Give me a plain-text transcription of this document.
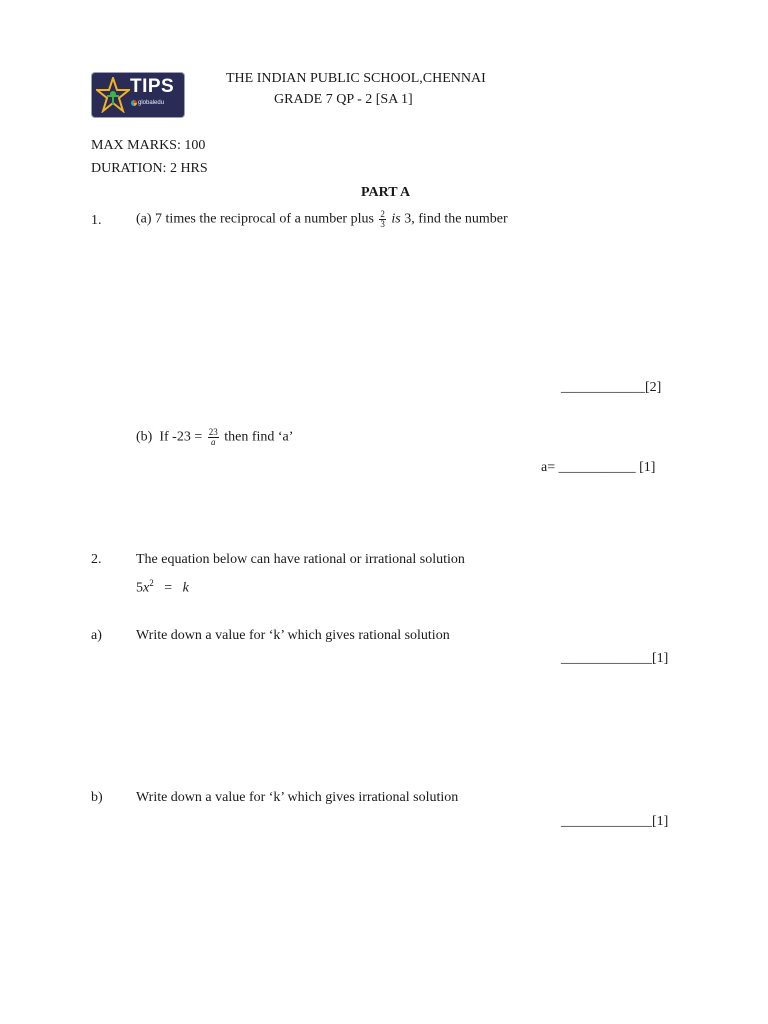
TIPS
globaledu
THE INDIAN PUBLIC SCHOOL,CHENNAI
GRADE 7 QP - 2 [SA 1]
MAX MARKS: 100
DURATION: 2 HRS
PART A
1. (a) 7 times the reciprocal of a number plus $\frac{2}{3}$ is 3, find the number
____________[2]
(b) If $-23 = \frac{23}{a}$ then find ‘a’
a= ___________ [1]
2. The equation below can have rational or irrational solution
$5x^2 = k$
a) Write down a value for ‘k’ which gives rational solution
_____________[1]
b) Write down a value for ‘k’ which gives irrational solution
_____________[1]
